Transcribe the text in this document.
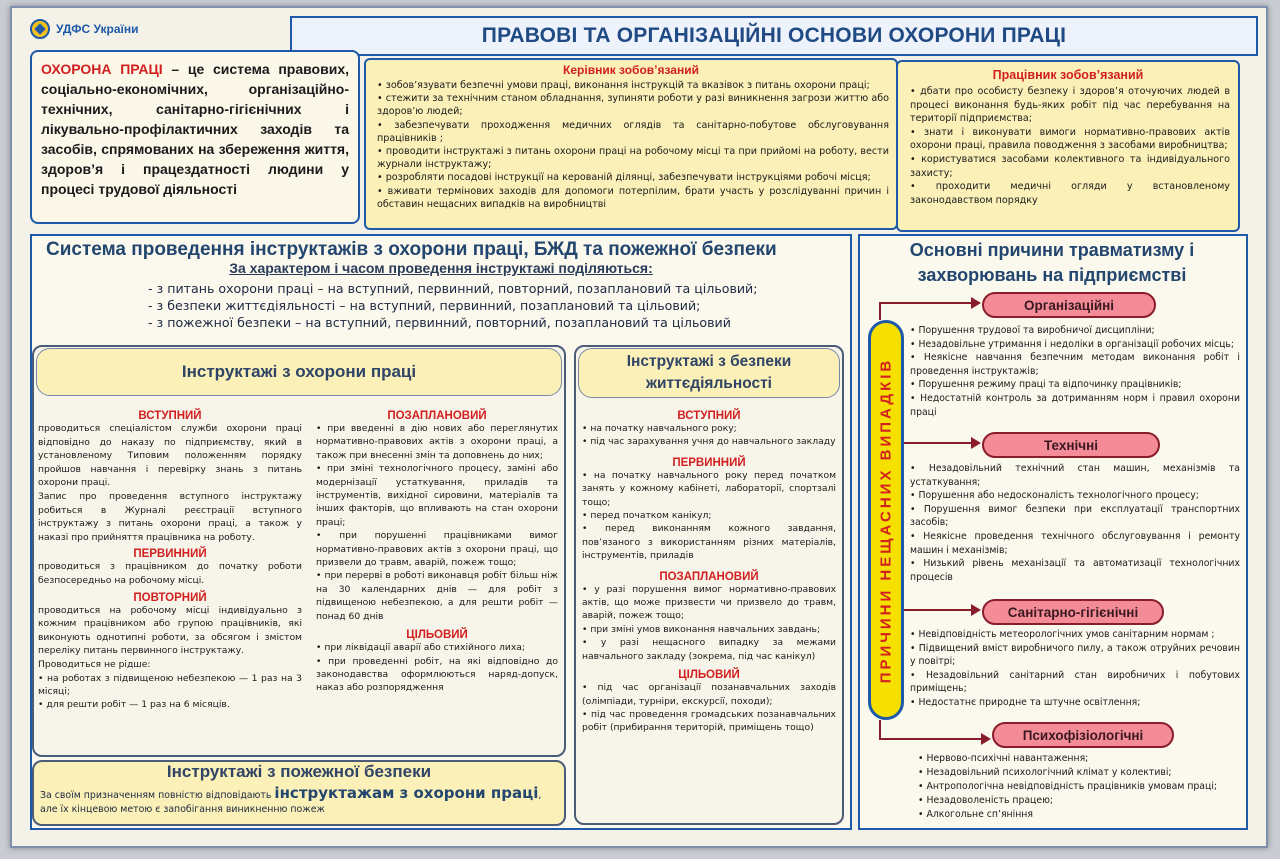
УДФС України	ПРАВОВІ ТА ОРГАНІЗАЦІЙНІ ОСНОВИ ОХОРОНИ ПРАЦІ
ОХОРОНА ПРАЦІ – це система правових, соціально-економічних, організаційно-технічних, санітарно-гігієнічних і лікувально-профілактичних заходів та засобів, спрямованих на збереження життя, здоров’я і працездатності людини у процесі трудової діяльності
Керівник зобов’язаний
• зобов’язувати безпечні умови праці, виконання інструкцій та вказівок з питань охорони праці;
• стежити за технічним станом обладнання, зупиняти роботи у разі виникнення загрози життю або здоров’ю людей;
• забезпечувати проходження медичних оглядів та санітарно-побутове обслуговування працівників ;
• проводити інструктажі з питань охорони праці на робочому місці та при прийомі на роботу, вести журнали інструктажу;
• розробляти посадові інструкції на керованій ділянці, забезпечувати інструкціями робочі місця;
• вживати термінових заходів для допомоги потерпілим, брати участь у розслідуванні причин і обставин нещасних випадків на виробництві
Працівник зобов’язаний
• дбати про особисту безпеку і здоров’я оточуючих людей в процесі виконання будь-яких робіт під час перебування на території підприємства;
• знати і виконувати вимоги нормативно-правових актів охорони праці, правила поводження з засобами виробництва;
• користуватися засобами колективного та індивідуального захисту;
• проходити медичні огляди у встановленому законодавством порядку
Система проведення інструктажів з охорони праці, БЖД та пожежної безпеки
За характером і часом проведення інструктажі поділяються:
- з питань охорони праці – на вступний, первинний, повторний, позаплановий та цільовий;
- з безпеки життєдіяльності – на вступний, первинний, позаплановий та цільовий;
- з пожежної безпеки – на вступний, первинний, повторний, позаплановий та цільовий
Інструктажі з охорони праці
ВСТУПНИЙ
проводиться спеціалістом служби охорони праці відповідно до наказу по підприємству, який в установленому Типовим положенням порядку пройшов навчання і перевірку знань з питань охорони праці.
Запис про проведення вступного інструктажу робиться в Журналі реєстрації вступного інструктажу з питань охорони праці, а також у наказі про прийняття працівника на роботу.
ПЕРВИННИЙ
проводиться з працівником до початку роботи безпосередньо на робочому місці.
ПОВТОРНИЙ
проводиться на робочому місці індивідуально з кожним працівником або групою працівників, які виконують однотипні роботи, за обсягом і змістом переліку питань первинного інструктажу.
Проводиться не рідше:
• на роботах з підвищеною небезпекою — 1 раз на 3 місяці;
• для решти робіт — 1 раз на 6 місяців.
ПОЗАПЛАНОВИЙ
• при введенні в дію нових або переглянутих нормативно-правових актів з охорони праці, а також при внесенні змін та доповнень до них;
• при зміні технологічного процесу, заміні або модернізації устаткування, приладів та інструментів, вихідної сировини, матеріалів та інших факторів, що впливають на стан охорони праці;
• при порушенні працівниками вимог нормативно-правових актів з охорони праці, що призвели до травм, аварій, пожеж тощо;
• при перерві в роботі виконавця робіт більш ніж на 30 календарних днів — для робіт з підвищеною небезпекою, а для решти робіт — понад 60 днів
ЦІЛЬОВИЙ
• при ліквідації аварії або стихійного лиха;
• при проведенні робіт, на які відповідно до законодавства оформлюються наряд-допуск, наказ або розпорядження
Інструктажі з пожежної безпеки
За своїм призначенням повністю відповідають інструктажам з охорони праці,
але їх кінцевою метою є запобігання виникненню пожеж
Інструктажі з безпеки життєдіяльності
ВСТУПНИЙ
• на початку навчального року;
• під час зарахування учня до навчального закладу
ПЕРВИННИЙ
• на початку навчального року перед початком занять у кожному кабінеті, лабораторії, спортзалі тощо;
• перед початком канікул;
• перед виконанням кожного завдання, пов’язаного з використанням різних матеріалів, інструментів, приладів
ПОЗАПЛАНОВИЙ
• у разі порушення вимог нормативно-правових актів, що може призвести чи призвело до травм, аварій, пожеж тощо;
• при зміні умов виконання навчальних завдань;
• у разі нещасного випадку за межами навчального закладу (зокрема, під час канікул)
ЦІЛЬОВИЙ
• під час організації позанавчальних заходів (олімпіади, турніри, екскурсії, походи);
• під час проведення громадських позанавчальних робіт (прибирання територій, приміщень тощо)
Основні причини травматизму і захворювань на підприємстві
ПРИЧИНИ НЕЩАСНИХ ВИПАДКІВ
Організаційні
Технічні
Санітарно-гігієнічні
Психофізіологічні
• Порушення трудової та виробничої дисципліни;
• Незадовільне утримання і недоліки в організації робочих місць;
• Неякісне навчання безпечним методам виконання робіт і проведення інструктажів;
• Порушення режиму праці та відпочинку працівників;
• Недостатній контроль за дотриманням норм і правил охорони праці
• Незадовільний технічний стан машин, механізмів та устаткування;
• Порушення або недосконалість технологічного процесу;
• Порушення вимог безпеки при експлуатації транспортних засобів;
• Неякісне проведення технічного обслуговування і ремонту машин і механізмів;
• Низький рівень механізації та автоматизації технологічних процесів
• Невідповідність метеорологічних умов санітарним нормам ;
• Підвищений вміст виробничого пилу, а також отруйних речовин у повітрі;
• Незадовільний санітарний стан виробничих і побутових приміщень;
• Недостатнє природне та штучне освітлення;
• Нервово-психічні навантаження;
• Незадовільний психологічний клімат у колективі;
• Антропологічна невідповідність працівників умовам праці;
• Незадоволеність працею;
• Алкогольне сп’яніння
